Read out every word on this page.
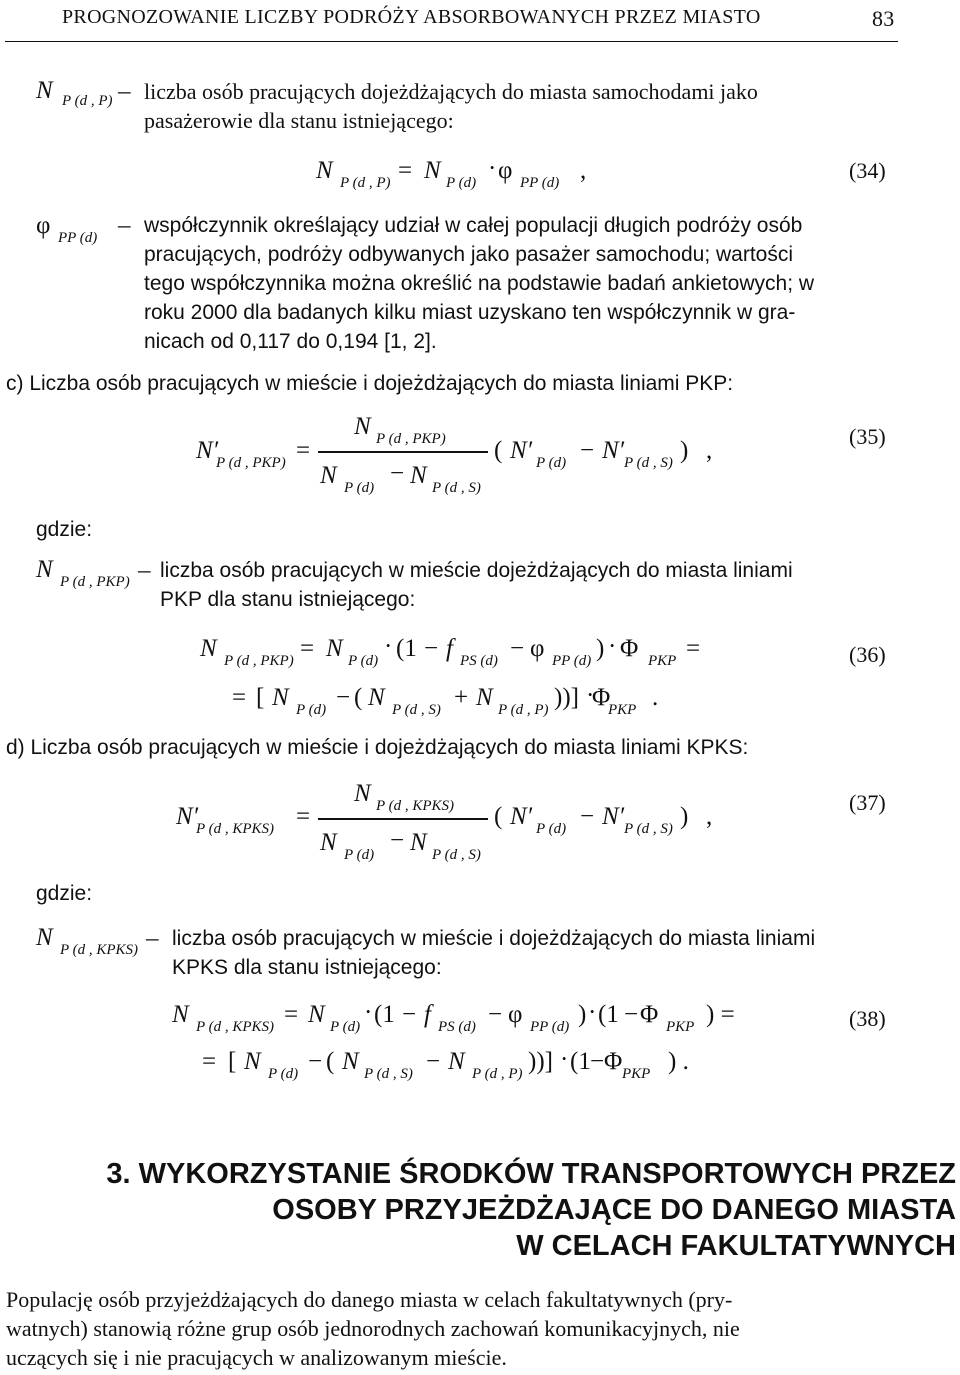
PROGNOZOWANIE LICZBY PODRÓŻY ABSORBOWANYCH PRZEZ MIASTO	83
N P (d , P) – liczba osób pracujących dojeżdżających do miasta samochodami jako
pasażerowie dla stanu istniejącego:
N P (d , P) = N P (d)
· φ PP (d) ,	(34)
φ PP (d) – współczynnik określający udział w całej populacji długich podróży osób
pracujących, podróży odbywanych jako pasażer samochodu; wartości
tego współczynnika można określić na podstawie badań ankietowych; w
roku 2000 dla badanych kilku miast uzyskano ten współczynnik w gra-
nicach od 0,117 do 0,194 [1, 2].
c) Liczba osób pracujących w mieście i dojeżdżających do miasta liniami PKP:
N′
P (d , PKP) =
N P (d , PKP)
N P (d)
− N P (d , S)
( N′ P (d) − N′ P (d , S) ) ,
(35)
gdzie:
N P (d , PKP) – liczba osób pracujących w mieście dojeżdżających do miasta liniami
PKP dla stanu istniejącego:
N P (d , PKP) = N P (d)
· (1 − f PS (d) − φ PP (d) ) · Φ PKP =
= [ N P (d) − ( N P (d , S) + N P (d , P) ))] ·
Φ
PKP .
(36)
d) Liczba osób pracujących w mieście i dojeżdżających do miasta liniami KPKS:
N′
P (d , KPKS) =
N P (d , KPKS)
N P (d)
− N P (d , S)
( N′ P (d) − N′ P (d , S) ) ,
(37)
gdzie:
N P (d , KPKS) – liczba osób pracujących w mieście i dojeżdżających do miasta liniami
KPKS dla stanu istniejącego:
N P (d , KPKS) = N P (d)
· (1 − f PS (d) − φ PP (d) ) · (1 − Φ PKP ) =
= [ N P (d) − ( N P (d , S) − N P (d , P) ))] · (1 − Φ PKP ) .
(38)
3. WYKORZYSTANIE ŚRODKÓW TRANSPORTOWYCH PRZEZ
OSOBY PRZYJEŻDŻAJĄCE DO DANEGO MIASTA
W CELACH FAKULTATYWNYCH
Populację osób przyjeżdżających do danego miasta w celach fakultatywnych (pry-
watnych) stanowią różne grup osób jednorodnych zachowań komunikacyjnych, nie
uczących się i nie pracujących w analizowanym mieście.
